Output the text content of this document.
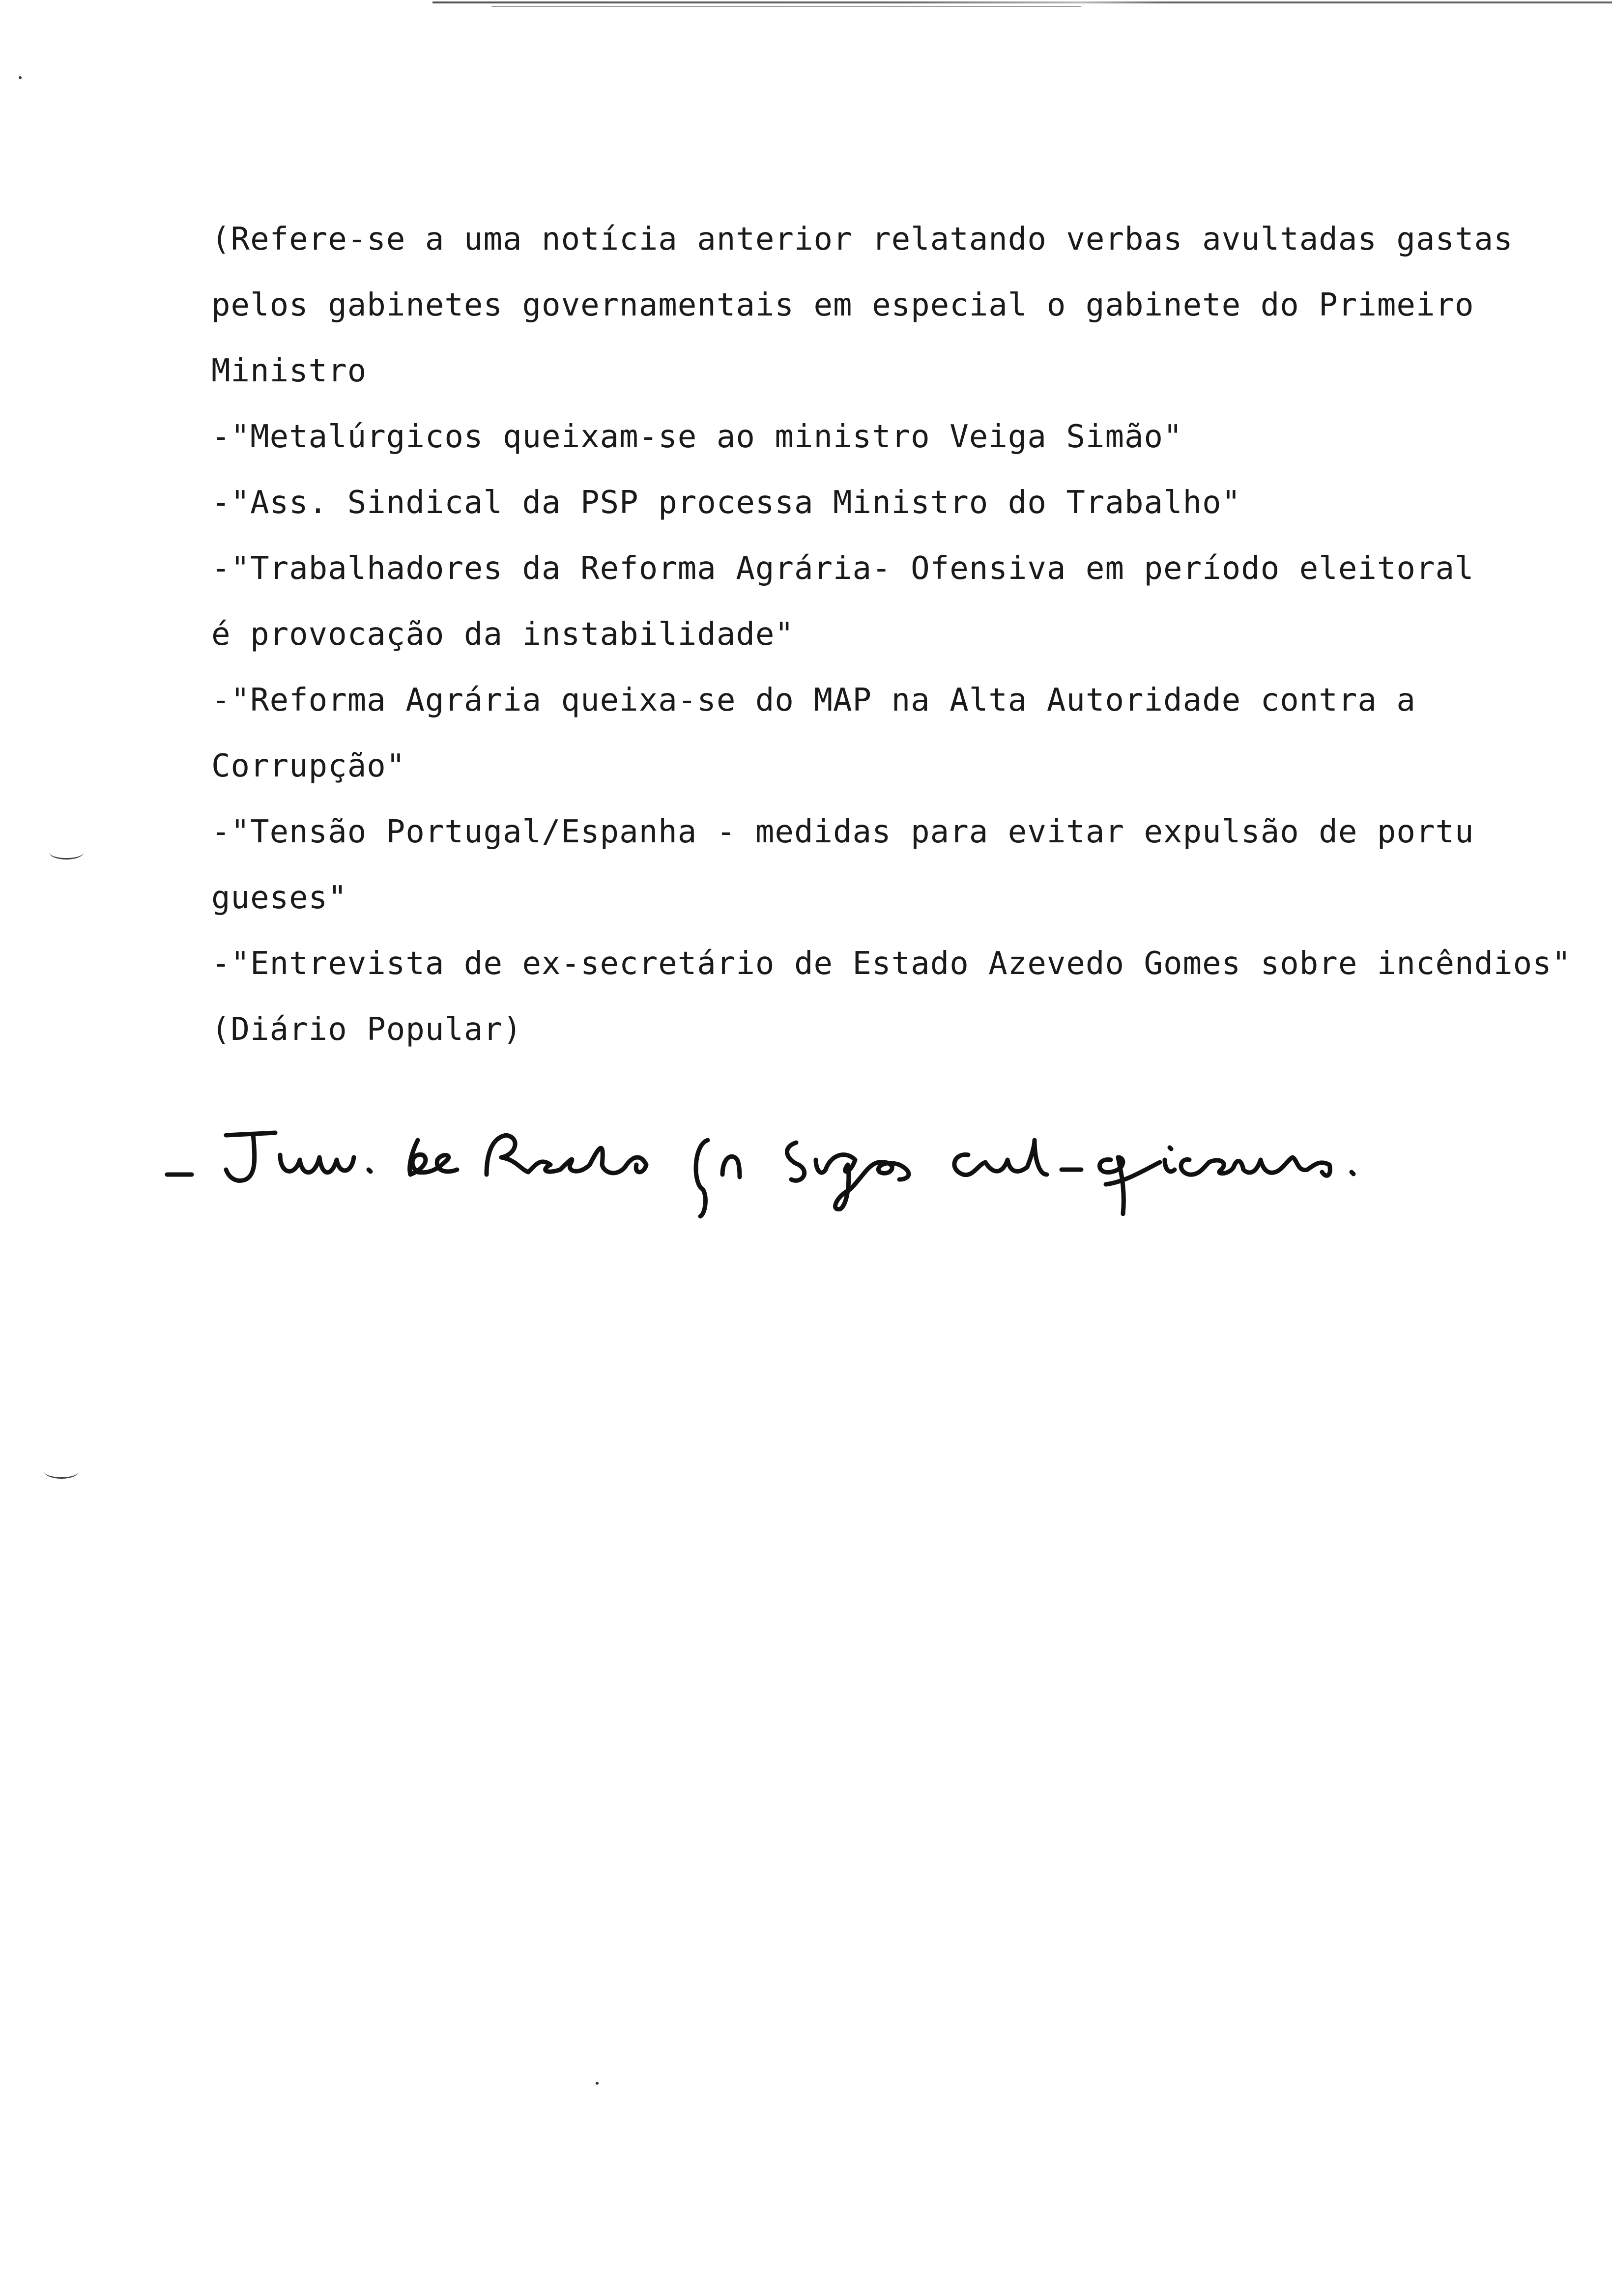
(Refere-se a uma notícia anterior relatando verbas avultadas gastas
pelos gabinetes governamentais em especial o gabinete do Primeiro
Ministro
-"Metalúrgicos queixam-se ao ministro Veiga Simão"
-"Ass. Sindical da PSP processa Ministro do Trabalho"
-"Trabalhadores da Reforma Agrária- Ofensiva em período eleitoral
é provocação da instabilidade"
-"Reforma Agrária queixa-se do MAP na Alta Autoridade contra a
Corrupção"
-"Tensão Portugal/Espanha - medidas para evitar expulsão de portu
gueses"
-"Entrevista de ex-secretário de Estado Azevedo Gomes sobre incêndios"
(Diário Popular)
